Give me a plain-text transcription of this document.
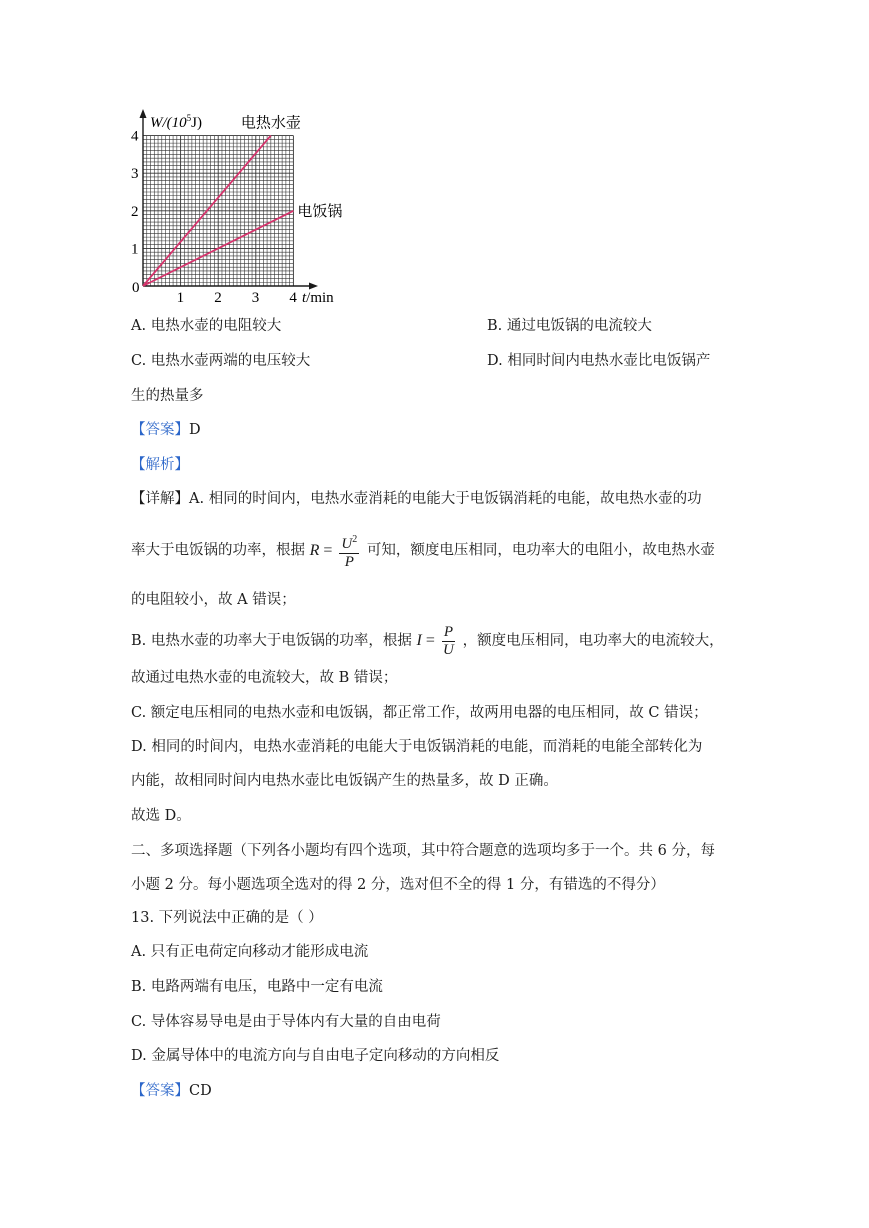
$W/(10^5J)$
t/min
0
1 2 3 4
1
2
3
4
电热水壶
电饭锅
A. 电热水壶的电阻较大	B. 通过电饭锅的电流较大
C. 电热水壶两端的电压较大	D. 相同时间内电热水壶比电饭锅产
生的热量多
【答案】D
【解析】
【详解】A. 相同的时间内，电热水壶消耗的电能大于电饭锅消耗的电能，故电热水壶的功
率大于电饭锅的功率，根据 $R = \frac{U^2}{P}$ 可知，额度电压相同，电功率大的电阻小，故电热水壶
的电阻较小，故 A 错误；
B. 电热水壶的功率大于电饭锅的功率，根据 $I = \frac{P}{U}$ ，额度电压相同，电功率大的电流较大，
故通过电热水壶的电流较大，故 B 错误；
C. 额定电压相同的电热水壶和电饭锅，都正常工作，故两用电器的电压相同，故 C 错误；
D. 相同的时间内，电热水壶消耗的电能大于电饭锅消耗的电能，而消耗的电能全部转化为
内能，故相同时间内电热水壶比电饭锅产生的热量多，故 D 正确。
故选 D。
二、多项选择题（下列各小题均有四个选项，其中符合题意的选项均多于一个。共 6 分，每
小题 2 分。每小题选项全选对的得 2 分，选对但不全的得 1 分，有错选的不得分）
13. 下列说法中正确的是（ ）
A. 只有正电荷定向移动才能形成电流
B. 电路两端有电压，电路中一定有电流
C. 导体容易导电是由于导体内有大量的自由电荷
D. 金属导体中的电流方向与自由电子定向移动的方向相反
【答案】CD
